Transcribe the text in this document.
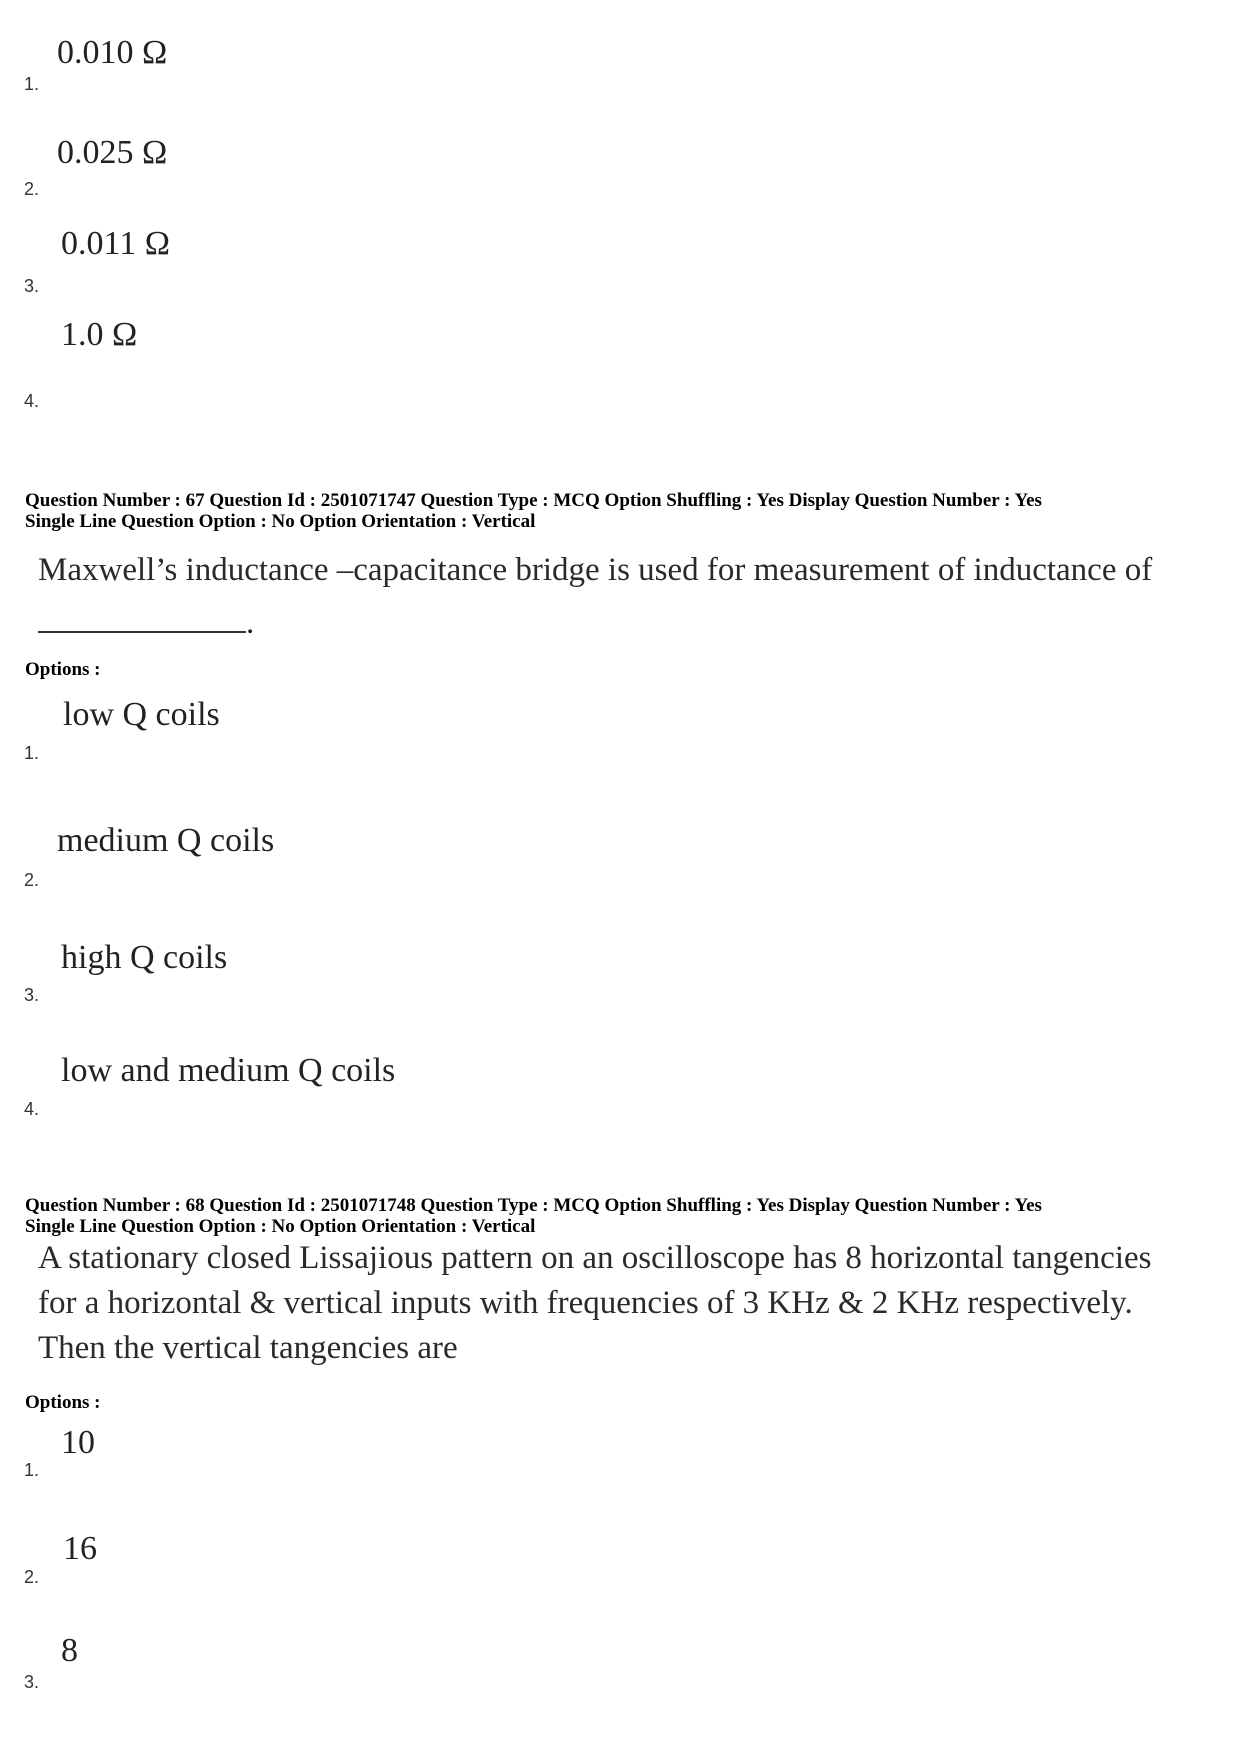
0.010 Ω
1.
0.025 Ω
2.
0.011 Ω
3.
1.0 Ω
4.
Question Number : 67 Question Id : 2501071747 Question Type : MCQ Option Shuffling : Yes Display Question Number : Yes
Single Line Question Option : No Option Orientation : Vertical
Maxwell’s inductance –capacitance bridge is used for measurement of inductance of
.
Options :
low Q coils
1.
medium Q coils
2.
high Q coils
3.
low and medium Q coils
4.
Question Number : 68 Question Id : 2501071748 Question Type : MCQ Option Shuffling : Yes Display Question Number : Yes
Single Line Question Option : No Option Orientation : Vertical
A stationary closed Lissajious pattern on an oscilloscope has 8 horizontal tangencies
for a horizontal & vertical inputs with frequencies of 3 KHz & 2 KHz respectively.
Then the vertical tangencies are
Options :
10
1.
16
2.
8
3.
